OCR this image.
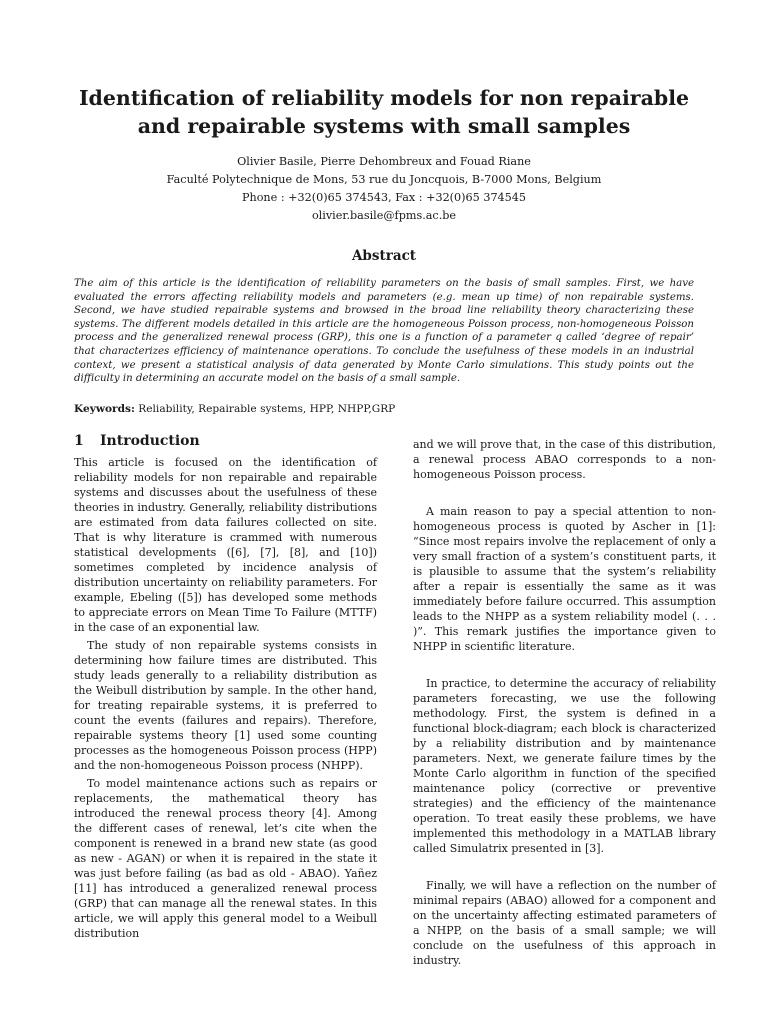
Identification of reliability models for non repairable and repairable systems with small samples
Olivier Basile, Pierre Dehombreux and Fouad Riane
Faculté Polytechnique de Mons, 53 rue du Joncquois, B-7000 Mons, Belgium
Phone : +32(0)65 374543, Fax : +32(0)65 374545
olivier.basile@fpms.ac.be
Abstract
The aim of this article is the identification of reliability parameters on the basis of small samples. First, we have evaluated the errors affecting reliability models and parameters (e.g. mean up time) of non repairable systems. Second, we have studied repairable systems and browsed in the broad line reliability theory characterizing these systems. The different models detailed in this article are the homogeneous Poisson process, non-homogeneous Poisson process and the generalized renewal process (GRP), this one is a function of a parameter q called ‘degree of repair’ that characterizes efficiency of maintenance operations. To conclude the usefulness of these models in an industrial context, we present a statistical analysis of data generated by Monte Carlo simulations. This study points out the difficulty in determining an accurate model on the basis of a small sample.
Keywords: Reliability, Repairable systems, HPP, NHPP,GRP
1 Introduction

This article is focused on the identification of reliability models for non repairable and repairable systems and discusses about the usefulness of these theories in industry. Generally, reliability distributions are estimated from data failures collected on site. That is why literature is crammed with numerous statistical developments ([6], [7], [8], and [10]) sometimes completed by incidence analysis of distribution uncertainty on reliability parameters. For example, Ebeling ([5]) has developed some methods to appreciate errors on Mean Time To Failure (MTTF) in the case of an exponential law.

The study of non repairable systems consists in determining how failure times are distributed. This study leads generally to a reliability distribution as the Weibull distribution by sample. In the other hand, for treating repairable systems, it is preferred to count the events (failures and repairs). Therefore, repairable systems theory [1] used some counting processes as the homogeneous Poisson process (HPP) and the non-homogeneous Poisson process (NHPP).

To model maintenance actions such as repairs or replacements, the mathematical theory has introduced the renewal process theory [4]. Among the different cases of renewal, let’s cite when the component is renewed in a brand new state (as good as new - AGAN) or when it is repaired in the state it was just before failing (as bad as old - ABAO). Yañez [11] has introduced a generalized renewal process (GRP) that can manage all the renewal states. In this article, we will apply this general model to a Weibull distribution

and we will prove that, in the case of this distribution, a renewal process ABAO corresponds to a non-homogeneous Poisson process.

A main reason to pay a special attention to non-homogeneous process is quoted by Ascher in [1]: “Since most repairs involve the replacement of only a very small fraction of a system’s constituent parts, it is plausible to assume that the system’s reliability after a repair is essentially the same as it was immediately before failure occurred. This assumption leads to the NHPP as a system reliability model (. . . )”. This remark justifies the importance given to NHPP in scientific literature.

In practice, to determine the accuracy of reliability parameters forecasting, we use the following methodology. First, the system is defined in a functional block-diagram; each block is characterized by a reliability distribution and by maintenance parameters. Next, we generate failure times by the Monte Carlo algorithm in function of the specified maintenance policy (corrective or preventive strategies) and the efficiency of the maintenance operation. To treat easily these problems, we have implemented this methodology in a MATLAB library called Simulatrix presented in [3].

Finally, we will have a reflection on the number of minimal repairs (ABAO) allowed for a component and on the uncertainty affecting estimated parameters of a NHPP, on the basis of a small sample; we will conclude on the usefulness of this approach in industry.
